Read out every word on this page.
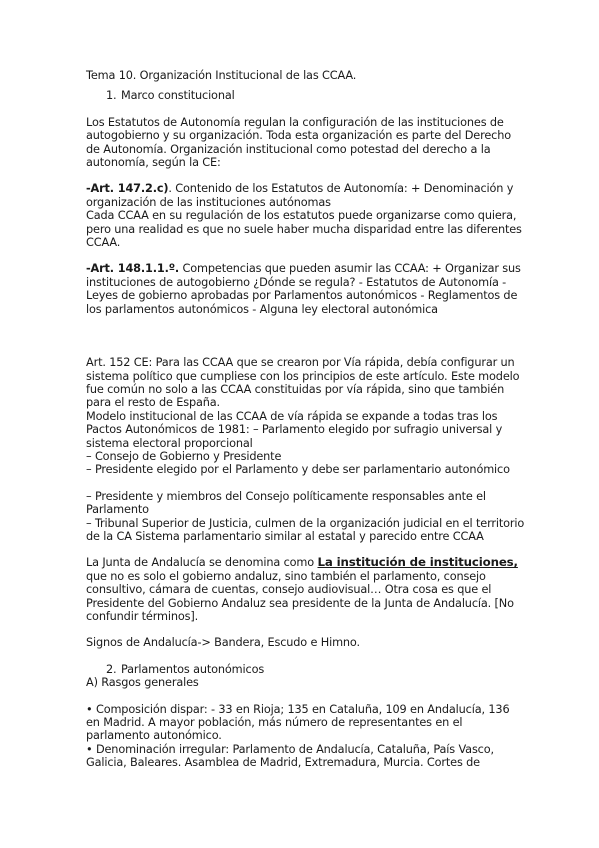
Tema 10. Organización Institucional de las CCAA.

1. Marco constitucional

Los Estatutos de Autonomía regulan la configuración de las instituciones de autogobierno y su organización. Toda esta organización es parte del Derecho de Autonomía. Organización institucional como potestad del derecho a la autonomía, según la CE:

-Art. 147.2.c). Contenido de los Estatutos de Autonomía: + Denominación y organización de las instituciones autónomas

Cada CCAA en su regulación de los estatutos puede organizarse como quiera, pero una realidad es que no suele haber mucha disparidad entre las diferentes CCAA.

-Art. 148.1.1.º. Competencias que pueden asumir las CCAA: + Organizar sus instituciones de autogobierno ¿Dónde se regula? - Estatutos de Autonomía - Leyes de gobierno aprobadas por Parlamentos autonómicos - Reglamentos de los parlamentos autonómicos - Alguna ley electoral autonómica

Art. 152 CE: Para las CCAA que se crearon por Vía rápida, debía configurar un sistema político que cumpliese con los principios de este artículo. Este modelo fue común no solo a las CCAA constituidas por vía rápida, sino que también para el resto de España.

Modelo institucional de las CCAA de vía rápida se expande a todas tras los Pactos Autonómicos de 1981: – Parlamento elegido por sufragio universal y sistema electoral proporcional

– Consejo de Gobierno y Presidente

– Presidente elegido por el Parlamento y debe ser parlamentario autonómico

– Presidente y miembros del Consejo políticamente responsables ante el Parlamento

– Tribunal Superior de Justicia, culmen de la organización judicial en el territorio de la CA Sistema parlamentario similar al estatal y parecido entre CCAA

La Junta de Andalucía se denomina como La institución de instituciones, que no es solo el gobierno andaluz, sino también el parlamento, consejo consultivo, cámara de cuentas, consejo audiovisual… Otra cosa es que el Presidente del Gobierno Andaluz sea presidente de la Junta de Andalucía. [No confundir términos].

Signos de Andalucía-> Bandera, Escudo e Himno.

2. Parlamentos autonómicos

A) Rasgos generales

• Composición dispar: - 33 en Rioja; 135 en Cataluña, 109 en Andalucía, 136 en Madrid. A mayor población, más número de representantes en el parlamento autonómico.

• Denominación irregular: Parlamento de Andalucía, Cataluña, País Vasco, Galicia, Baleares. Asamblea de Madrid, Extremadura, Murcia. Cortes de
